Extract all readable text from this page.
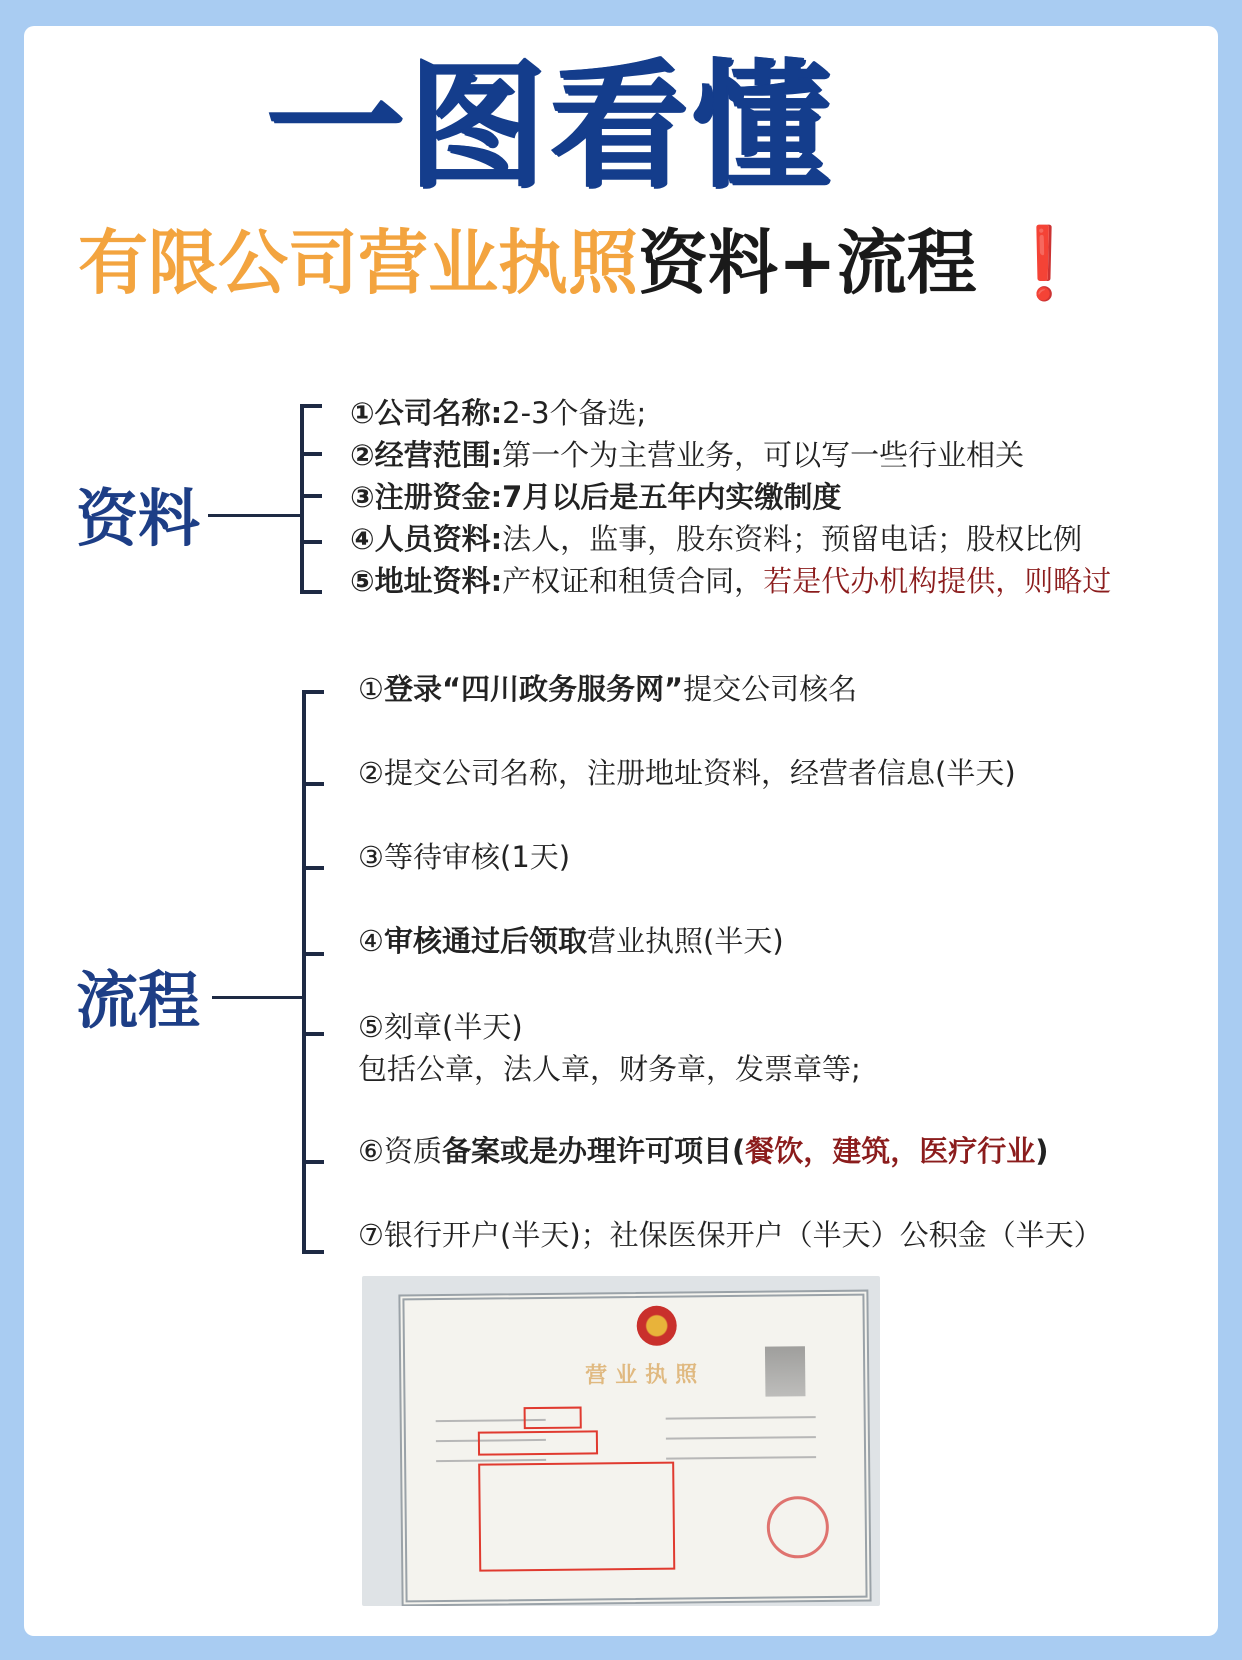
一图看懂
有限公司营业执照资料+流程 ❗
资料
①公司名称:2-3个备选;
②经营范围:第一个为主营业务，可以写一些行业相关
③注册资金:7月以后是五年内实缴制度
④人员资料:法人，监事，股东资料；预留电话；股权比例
⑤地址资料:产权证和租赁合同，若是代办机构提供，则略过
流程
①登录“四川政务服务网”提交公司核名
②提交公司名称，注册地址资料，经营者信息(半天)
③等待审核(1天)
④审核通过后领取营业执照(半天)
⑤刻章(半天)
包括公章，法人章，财务章，发票章等;
⑥资质备案或是办理许可项目(餐饮，建筑，医疗行业)
⑦银行开户(半天)；社保医保开户（半天）公积金（半天）
营业执照
